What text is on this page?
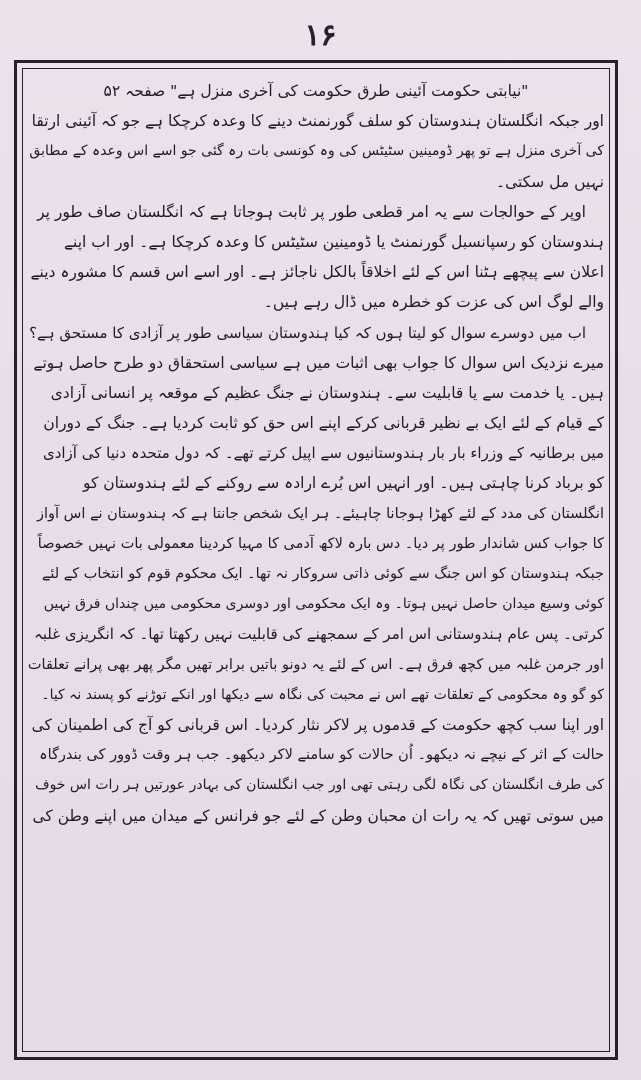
۱۶
"نیابتی حکومت آئینی طرق حکومت کی آخری منزل ہے" صفحہ ۵۲
اور جبکہ انگلستان ہندوستان کو سلف گورنمنٹ دینے کا وعدہ کرچکا ہے جو کہ آئینی ارتقا
کی آخری منزل ہے تو پھر ڈومینین سٹیٹس کی وہ کونسی بات رہ گئی جو اسے اس وعدہ کے مطابق
نہیں مل سکتی۔
اوپر کے حوالجات سے یہ امر قطعی طور پر ثابت ہوجاتا ہے کہ انگلستان صاف طور پر
ہندوستان کو رسپانسبل گورنمنٹ یا ڈومینین سٹیٹس کا وعدہ کرچکا ہے۔ اور اب اپنے
اعلان سے پیچھے ہٹنا اس کے لئے اخلاقاً بالکل ناجائز ہے۔ اور اسے اس قسم کا مشورہ دینے
والے لوگ اس کی عزت کو خطرہ میں ڈال رہے ہیں۔
اب میں دوسرے سوال کو لیتا ہوں کہ کیا ہندوستان سیاسی طور پر آزادی کا مستحق ہے؟
میرے نزدیک اس سوال کا جواب بھی اثبات میں ہے سیاسی استحقاق دو طرح حاصل ہوتے
ہیں۔ یا خدمت سے یا قابلیت سے۔ ہندوستان نے جنگ عظیم کے موقعہ پر انسانی آزادی
کے قیام کے لئے ایک بے نظیر قربانی کرکے اپنے اس حق کو ثابت کردیا ہے۔ جنگ کے دوران
میں برطانیہ کے وزراء بار بار ہندوستانیوں سے اپیل کرتے تھے۔ کہ دول متحدہ دنیا کی آزادی
کو برباد کرنا چاہتی ہیں۔ اور انہیں اس بُرے ارادہ سے روکنے کے لئے ہندوستان کو
انگلستان کی مدد کے لئے کھڑا ہوجانا چاہیئے۔ ہر ایک شخص جانتا ہے کہ ہندوستان نے اس آواز
کا جواب کس شاندار طور پر دیا۔ دس بارہ لاکھ آدمی کا مہیا کردینا معمولی بات نہیں خصوصاً
جبکہ ہندوستان کو اس جنگ سے کوئی ذاتی سروکار نہ تھا۔ ایک محکوم قوم کو انتخاب کے لئے
کوئی وسیع میدان حاصل نہیں ہوتا۔ وہ ایک محکومی اور دوسری محکومی میں چنداں فرق نہیں
کرتی۔ پس عام ہندوستانی اس امر کے سمجھنے کی قابلیت نہیں رکھتا تھا۔ کہ انگریزی غلبہ
اور جرمن غلبہ میں کچھ فرق ہے۔ اس کے لئے یہ دونو باتیں برابر تھیں مگر پھر بھی پرانے تعلقات
کو گو وہ محکومی کے تعلقات تھے اس نے محبت کی نگاہ سے دیکھا اور انکے توڑنے کو پسند نہ کیا۔
اور اپنا سب کچھ حکومت کے قدموں پر لاکر نثار کردیا۔ اس قربانی کو آج کی اطمینان کی
حالت کے اثر کے نیچے نہ دیکھو۔ اُن حالات کو سامنے لاکر دیکھو۔ جب ہر وقت ڈوور کی بندرگاہ
کی طرف انگلستان کی نگاہ لگی رہتی تھی اور جب انگلستان کی بہادر عورتیں ہر رات اس خوف
میں سوتی تھیں کہ یہ رات ان محبان وطن کے لئے جو فرانس کے میدان میں اپنے وطن کی
